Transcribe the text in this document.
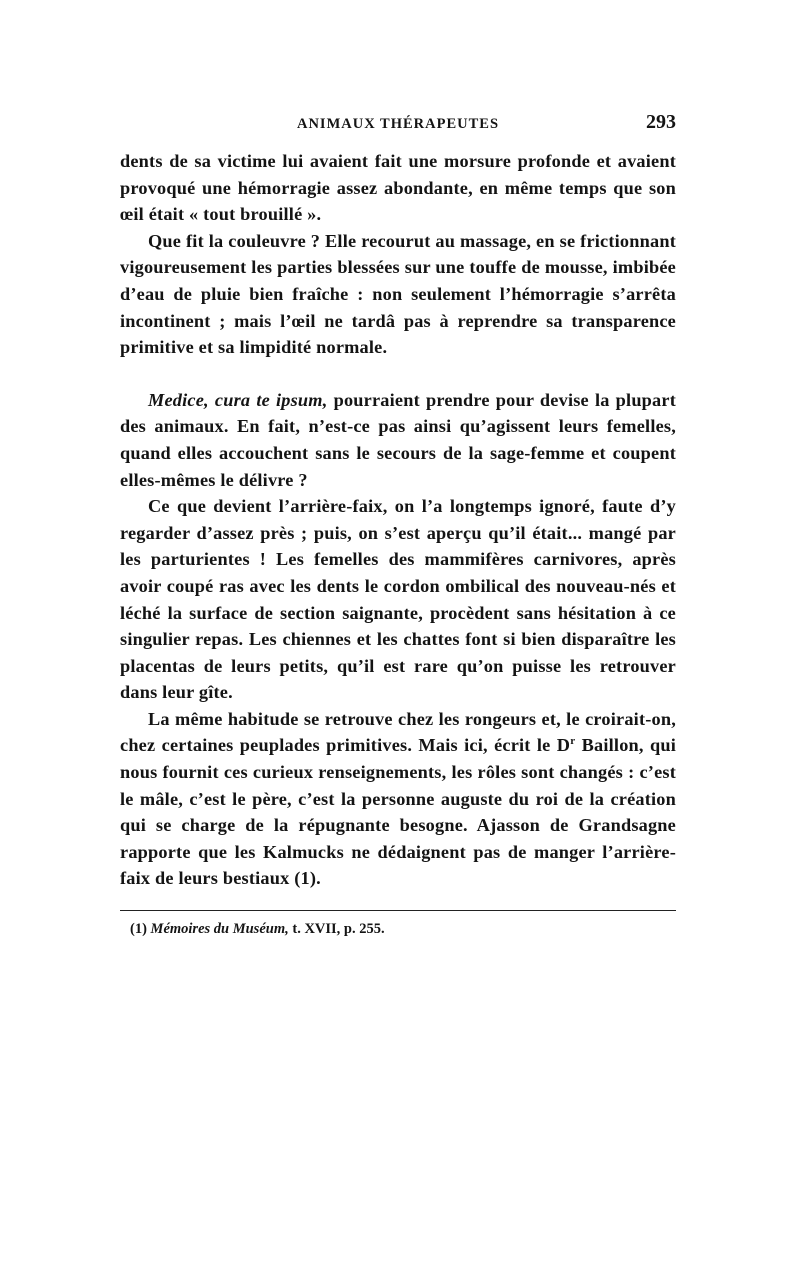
ANIMAUX THÉRAPEUTES	293

dents de sa victime lui avaient fait une morsure profonde et avaient provoqué une hémorragie assez abondante, en même temps que son œil était « tout brouillé ».

Que fit la couleuvre ? Elle recourut au massage, en se frictionnant vigoureusement les parties blessées sur une touffe de mousse, imbibée d’eau de pluie bien fraîche : non seulement l’hémorragie s’arrêta incontinent ; mais l’œil ne tardâ pas à reprendre sa transparence primitive et sa limpidité normale.

Medice, cura te ipsum, pourraient prendre pour devise la plupart des animaux. En fait, n’est-ce pas ainsi qu’agissent leurs femelles, quand elles accouchent sans le secours de la sage-femme et coupent elles-mêmes le délivre ?

Ce que devient l’arrière-faix, on l’a longtemps ignoré, faute d’y regarder d’assez près ; puis, on s’est aperçu qu’il était... mangé par les parturientes ! Les femelles des mammifères carnivores, après avoir coupé ras avec les dents le cordon ombilical des nouveau-nés et léché la surface de section saignante, procèdent sans hésitation à ce singulier repas. Les chiennes et les chattes font si bien disparaître les placentas de leurs petits, qu’il est rare qu’on puisse les retrouver dans leur gîte.

La même habitude se retrouve chez les rongeurs et, le croirait-on, chez certaines peuplades primitives. Mais ici, écrit le $D^r$ Baillon, qui nous fournit ces curieux renseignements, les rôles sont changés : c’est le mâle, c’est le père, c’est la personne auguste du roi de la création qui se charge de la répugnante besogne. Ajasson de Grandsagne rapporte que les Kalmucks ne dédaignent pas de manger l’arrière-faix de leurs bestiaux (1).

(1) Mémoires du Muséum, t. XVII, p. 255.
